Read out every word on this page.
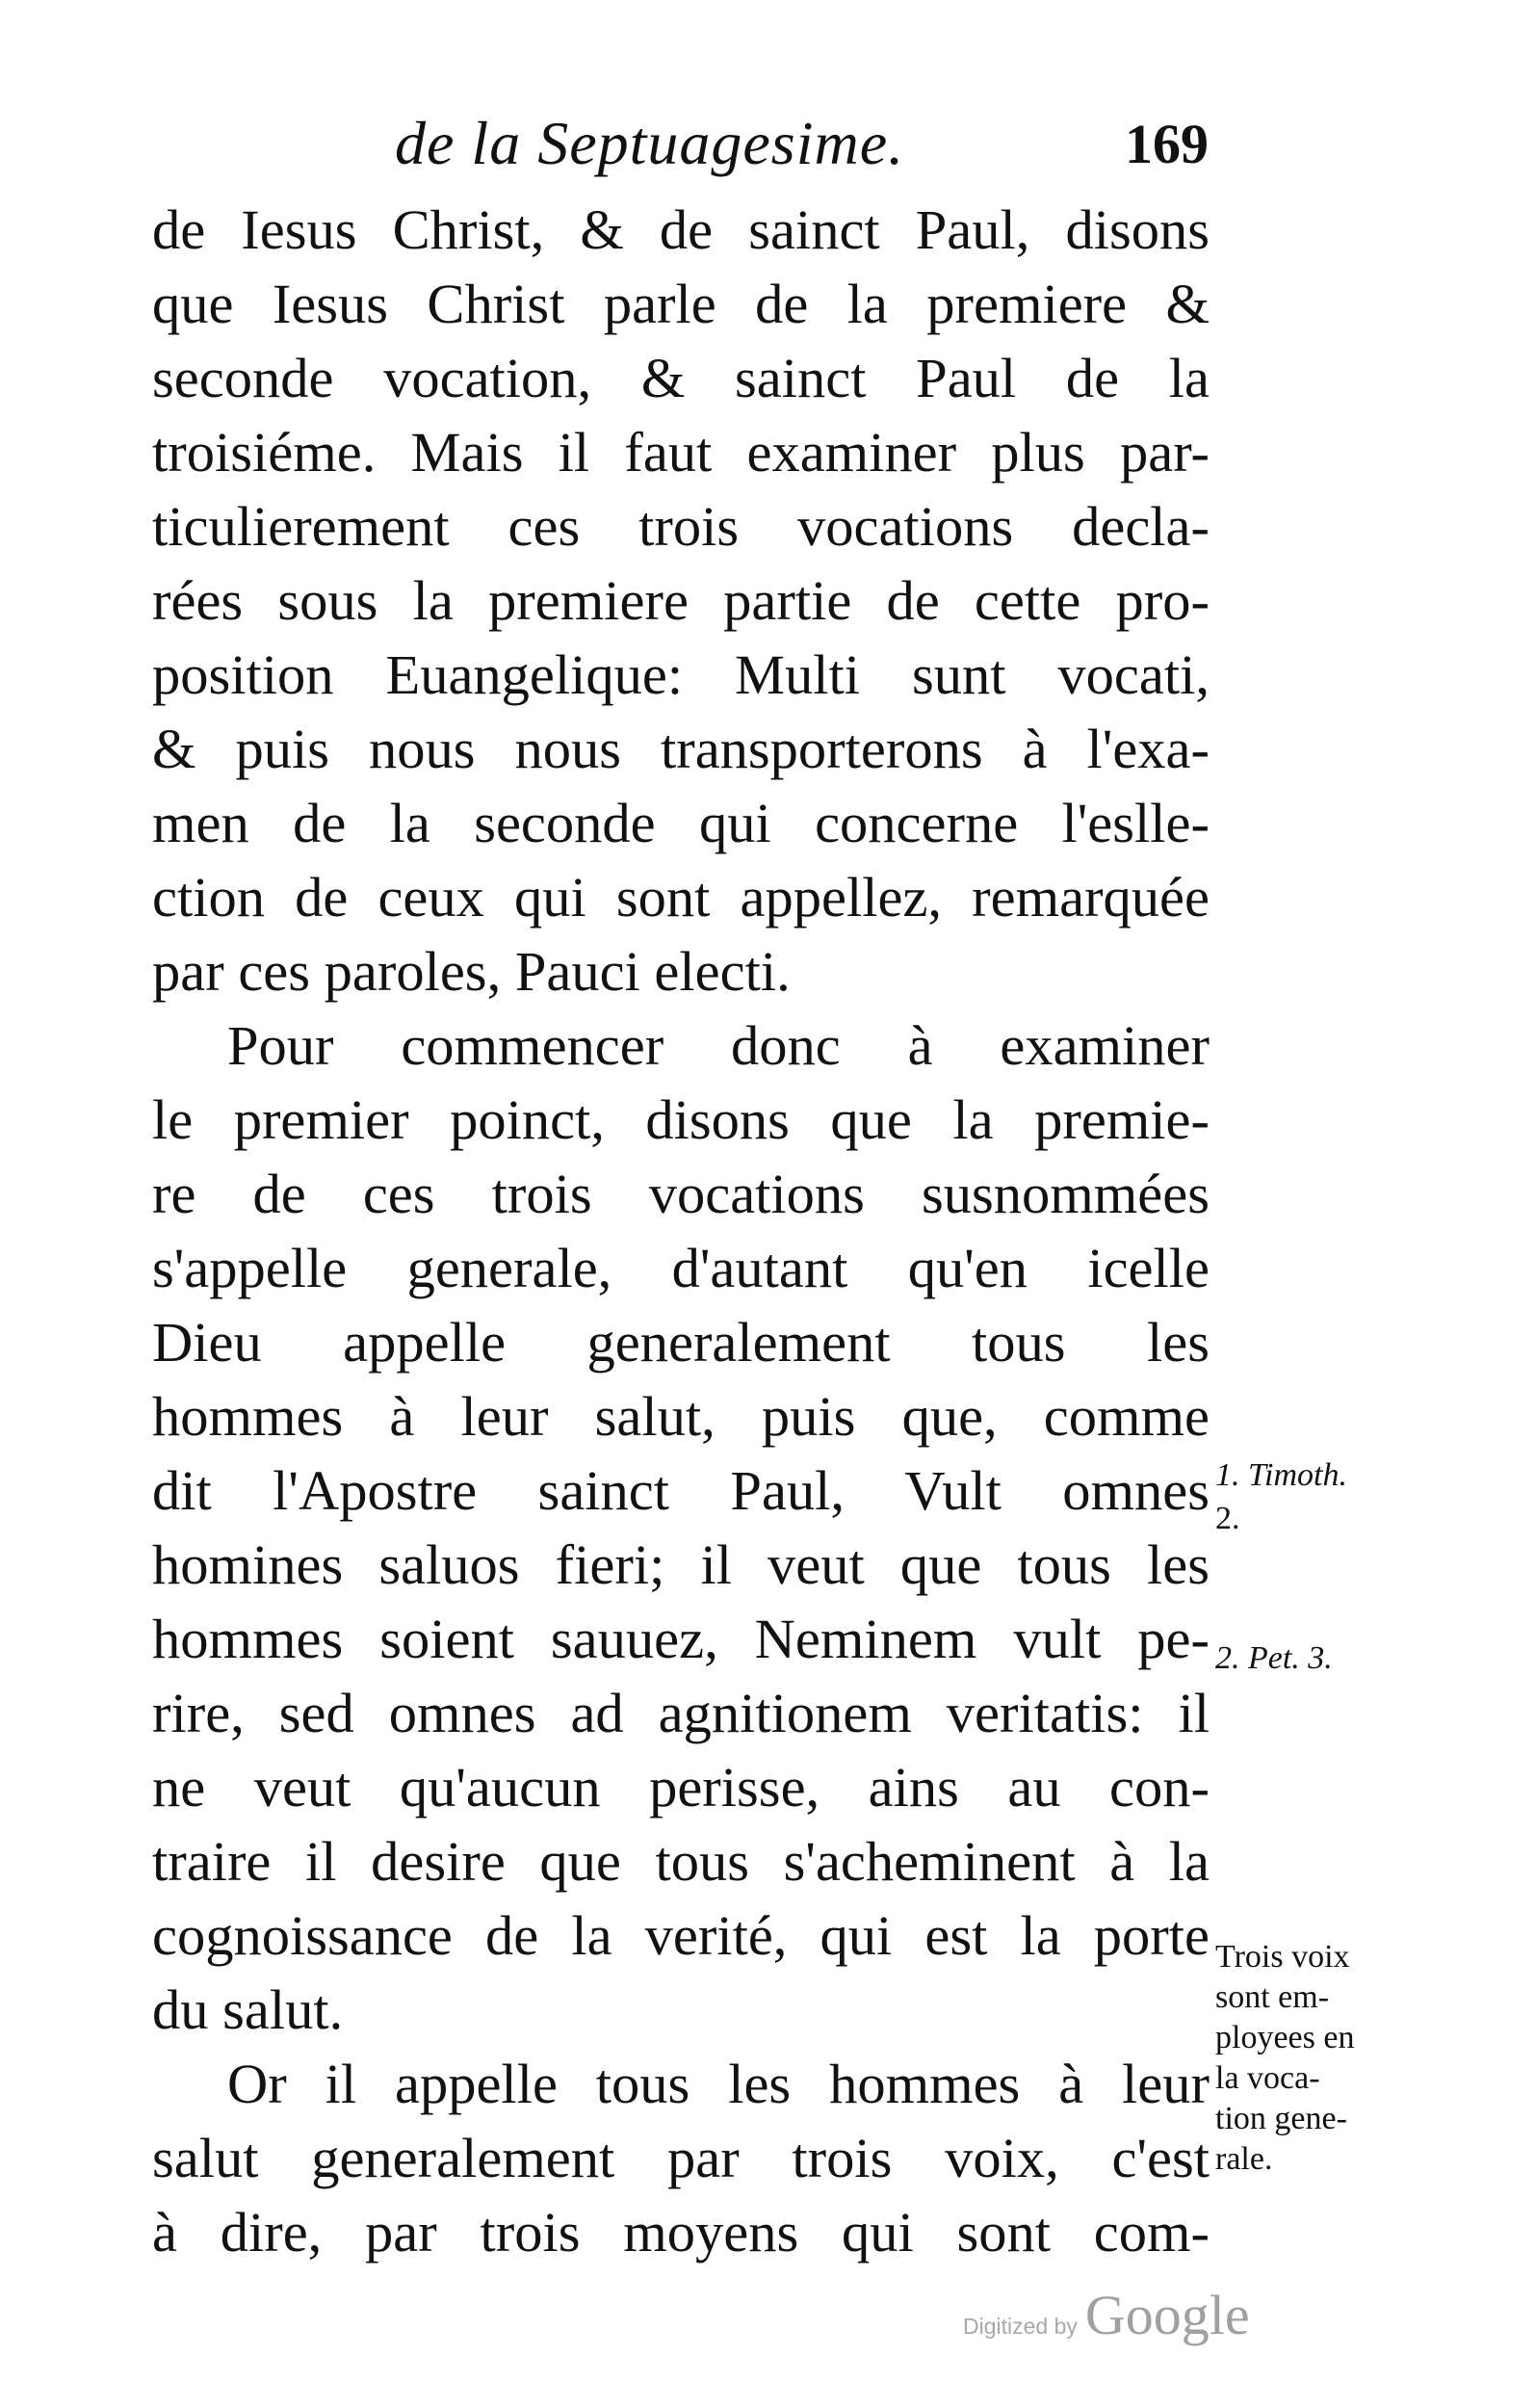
de la Septuagesime.	169
de Iesus Christ, & de sainct Paul, disons
que Iesus Christ parle de la premiere &
seconde vocation, & sainct Paul de la
troisiéme. Mais il faut examiner plus par-
ticulierement ces trois vocations decla-
rées sous la premiere partie de cette pro-
position Euangelique: Multi sunt vocati,
& puis nous nous transporterons à l'exa-
men de la seconde qui concerne l'eslle-
ction de ceux qui sont appellez, remarquée
par ces paroles, Pauci electi.
Pour commencer donc à examiner
le premier poinct, disons que la premie-
re de ces trois vocations susnommées
s'appelle generale, d'autant qu'en icelle
Dieu appelle generalement tous les
hommes à leur salut, puis que, comme
dit l'Apostre sainct Paul, Vult omnes
homines saluos fieri; il veut que tous les
hommes soient sauuez, Neminem vult pe-
rire, sed omnes ad agnitionem veritatis: il
ne veut qu'aucun perisse, ains au con-
traire il desire que tous s'acheminent à la
cognoissance de la verité, qui est la porte
du salut.
Or il appelle tous les hommes à leur
salut generalement par trois voix, c'est
à dire, par trois moyens qui sont com-
1. Timoth.
2.
2. Pet. 3.
Trois voix
sont em-
ployees en
la voca-
tion gene-
rale.
Digitized by Google
